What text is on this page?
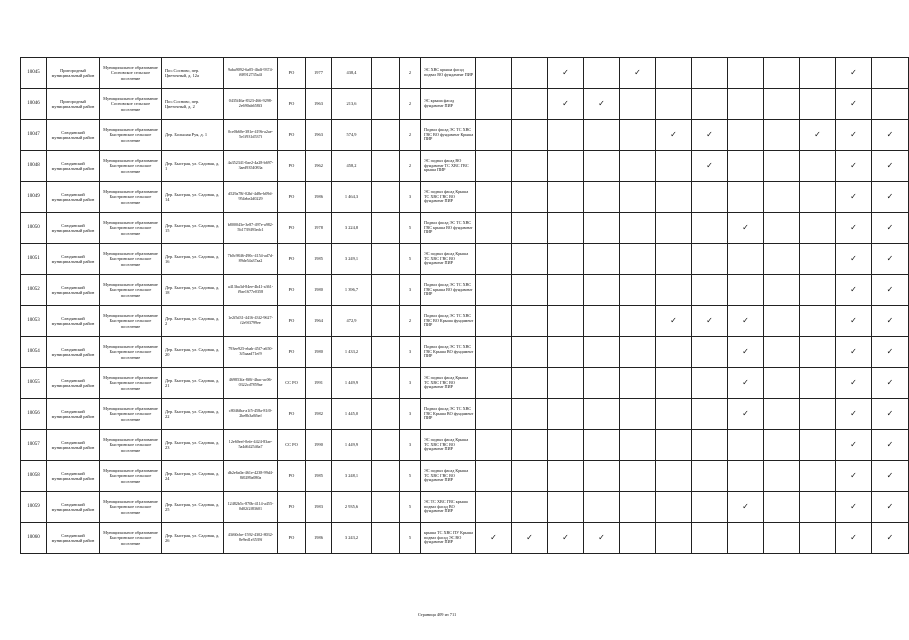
10045	Пригородный муниципальный район	Муниципальное образование Сосновское сельское поселение	Пос.Сосново, пер. Цветочный, д. 12а	9aba9092-6a05-4bdf-9374-f68912735a4f	РО	1977	438,4		2	ЭС ХВС крыша фасад подвал ВО фундамент ПИР			✓		✓						✓	
10046	Пригородный муниципальный район	Муниципальное образование Сосновское сельское поселение	Пос.Сосново, пер. Цветочный, д. 2	0435f46a-8323-466-9298-2e690ab658f3	РО	1963	213,6		2	ЭС крыша фасад фундамент ПИР			✓	✓							✓	
10047	Слюдянский муниципальный район	Муниципальное образование Быстринское сельское поселение	Дер. Большая Руя, д. 1	0ce0b60e-381e-419b-a2ae-5e1f931d537f	РО	1963	574,9		2	Подвал фасад ЭС ТС ХВС ГВС ВО фундамент Крыша ПИР						✓	✓			✓	✓	✓
10048	Слюдянский муниципальный район	Муниципальное образование Быстринское сельское поселение	Дер. Быстрая, ул. Садовая, д. 1	4a352341-0ae2-4a28-b697-3aed9354083a	РО	1962	458,2		2	ЭС подвал фасад ВО фундамент ТС ХВС ГВС крыша ПИР							✓				✓	✓
10049	Слюдянский муниципальный район	Муниципальное образование Быстринское сельское поселение	Дер. Быстрая, ул. Садовая, д. 14	d529a78f-02bf-4d8e-b09d-954ebe2d0229	РО	1986	1 464,3		3	ЭС подвал фасад Крыша ТС ХВС ГВС ВО фундамент ПИР											✓	✓
10050	Слюдянский муниципальный район	Муниципальное образование Быстринское сельское поселение	Дер. Быстрая, ул. Садовая, д. 15	b800043e-3e87-497e-a982-5b1739493edc1	РО	1978	3 224,8		5	Подвал фасад ЭС ТС ХВС ГВС крыша ВО фундамент ПИР								✓			✓	✓
10051	Слюдянский муниципальный район	Муниципальное образование Быстринское сельское поселение	Дер. Быстрая, ул. Садовая, д. 16	7b0c9846-490c-4154-ad7d-89de54a37aa2	РО	1985	3 249,1		5	ЭС подвал фасад Крыша ТС ХВС ГВС ВО фундамент ПИР											✓	✓
10052	Слюдянский муниципальный район	Муниципальное образование Быстринское сельское поселение	Дер. Быстрая, ул. Садовая, д. 18	a413ba3d-84ee-4b41-a361-f9ae1677e0358	РО	1980	1 396,7		3	Подвал фасад ЭС ТС ХВС ГВС крыша ВО фундамент ПИР											✓	✓
10053	Слюдянский муниципальный район	Муниципальное образование Быстринское сельское поселение	Дер. Быстрая, ул. Садовая, д. 2	1e2f5d31-4416-43f2-9627-f2e9f3799ee	РО	1964	472,9		2	Подвал фасад ЭС ТС ХВС ГВС ВО Крыша фундамент ПИР						✓	✓	✓			✓	✓
10054	Слюдянский муниципальный район	Муниципальное образование Быстринское сельское поселение	Дер. Быстрая, ул. Садовая, д. 20	793ee925-ebab-45f7-a650-3f5aaad71ef9	РО	1980	1 433,2		3	Подвал фасад ЭС ТС ХВС ГВС Крыша ВО фундамент ПИР								✓			✓	✓
10055	Слюдянский муниципальный район	Муниципальное образование Быстринское сельское поселение	Дер. Быстрая, ул. Садовая, д. 21	469853fa-8f0f-4bac-ac06-0322cd7859ae	СС РО	1991	1 449,9		3	ЭС подвал фасад Крыша ТС ХВС ГВС ВО фундамент ПИР								✓			✓	✓
10056	Слюдянский муниципальный район	Муниципальное образование Быстринское сельское поселение	Дер. Быстрая, ул. Садовая, д. 22	c8046fba-a1f5-458a-81f0-2be8b3a0fbef	РО	1982	1 445,0		3	Подвал фасад ЭС ТС ХВС ГВС Крыша ВО фундамент ПИР								✓			✓	✓
10057	Слюдянский муниципальный район	Муниципальное образование Быстринское сельское поселение	Дер. Быстрая, ул. Садовая, д. 23	12e60eef-0efe-4424-83ae-5a4d642546a7	СС РО	1990	1 449,9		3	ЭС подвал фасад Крыша ТС ХВС ГВС ВО фундамент ПИР											✓	✓
10058	Слюдянский муниципальный район	Муниципальное образование Быстринское сельское поселение	Дер. Быстрая, ул. Садовая, д. 24	db2e6a0a-461e-4238-99d4-8f0289a080a	РО	1985	3 248,1		5	ЭС подвал фасад Крыша ТС ХВС ГВС ВО фундамент ПИР											✓	✓
10059	Слюдянский муниципальный район	Муниципальное образование Быстринское сельское поселение	Дер. Быстрая, ул. Садовая, д. 25	12482b5c-870b-4114-a455-0d02f2f83601	РО	1983	2 935,6		5	ЭС ТС ХВС ГВС крыша подвал фасад ВО фундамент ПИР								✓			✓	✓
10060	Слюдянский муниципальный район	Муниципальное образование Быстринское сельское поселение	Дер. Быстрая, ул. Садовая, д. 26	43f60cbe-1592-4302-8032-8e9ed1e3539f	РО	1986	3 243,2		5	крыша ТС ХВС ПУ Крыша подвал фасад ЭС ВО фундамент ПИР	✓	✓	✓	✓							✓	✓
Страница 409 из 711
